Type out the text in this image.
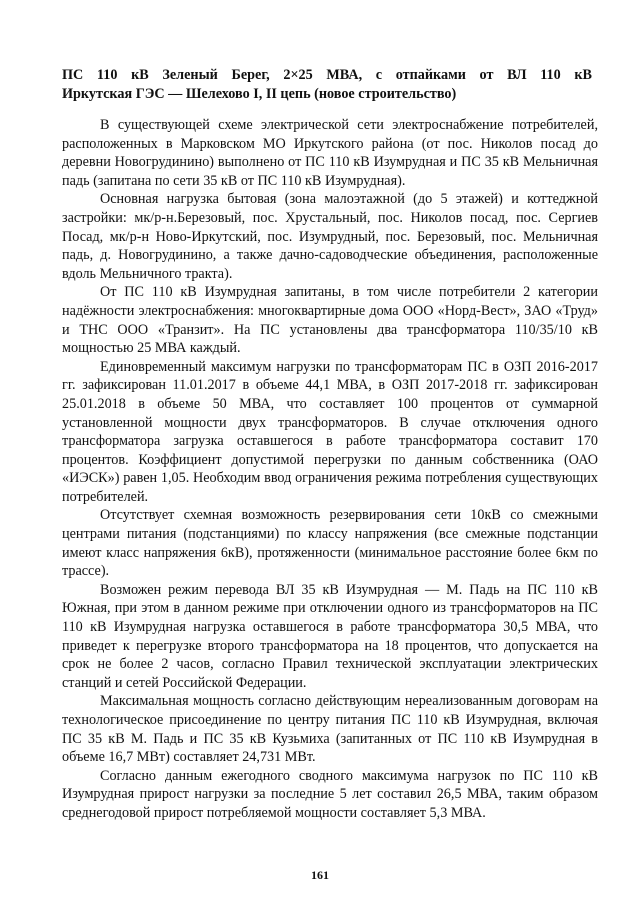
ПС 110 кВ Зеленый Берег, 2×25 МВА, с отпайками от ВЛ 110 кВ
Иркутская ГЭС — Шелехово I, II цепь (новое строительство)

В существующей схеме электрической сети электроснабжение потребителей, расположенных в Марковском МО Иркутского района (от пос. Николов посад до деревни Новогрудинино) выполнено от ПС 110 кВ Изумрудная и ПС 35 кВ Мельничная падь (запитана по сети 35 кВ от ПС 110 кВ Изумрудная).

Основная нагрузка бытовая (зона малоэтажной (до 5 этажей) и коттеджной застройки: мк/р-н.Березовый, пос. Хрустальный, пос. Николов посад, пос. Сергиев Посад, мк/р-н Ново-Иркутский, пос. Изумрудный, пос. Березовый, пос. Мельничная падь, д. Новогрудинино, а также дачно-садоводческие объединения, расположенные вдоль Мельничного тракта).

От ПС 110 кВ Изумрудная запитаны, в том числе потребители 2 категории надёжности электроснабжения: многоквартирные дома ООО «Норд-Вест», ЗАО «Труд» и ТНС ООО «Транзит». На ПС установлены два трансформатора 110/35/10 кВ мощностью 25 МВА каждый.

Единовременный максимум нагрузки по трансформаторам ПС в ОЗП 2016-2017 гг. зафиксирован 11.01.2017 в объеме 44,1 МВА, в ОЗП 2017-2018 гг. зафиксирован 25.01.2018 в объеме 50 МВА, что составляет 100 процентов от суммарной установленной мощности двух трансформаторов. В случае отключения одного трансформатора загрузка оставшегося в работе трансформатора составит 170 процентов. Коэффициент допустимой перегрузки по данным собственника (ОАО «ИЭСК») равен 1,05. Необходим ввод ограничения режима потребления существующих потребителей.

Отсутствует схемная возможность резервирования сети 10кВ со смежными центрами питания (подстанциями) по классу напряжения (все смежные подстанции имеют класс напряжения 6кВ), протяженности (минимальное расстояние более 6км по трассе).

Возможен режим перевода ВЛ 35 кВ Изумрудная — М. Падь на ПС 110 кВ Южная, при этом в данном режиме при отключении одного из трансформаторов на ПС 110 кВ Изумрудная нагрузка оставшегося в работе трансформатора 30,5 МВА, что приведет к перегрузке второго трансформатора на 18 процентов, что допускается на срок не более 2 часов, согласно Правил технической эксплуатации электрических станций и сетей Российской Федерации.

Максимальная мощность согласно действующим нереализованным договорам на технологическое присоединение по центру питания ПС 110 кВ Изумрудная, включая ПС 35 кВ М. Падь и ПС 35 кВ Кузьмиха (запитанных от ПС 110 кВ Изумрудная в объеме 16,7 МВт) составляет 24,731 МВт.

Согласно данным ежегодного сводного максимума нагрузок по ПС 110 кВ Изумрудная прирост нагрузки за последние 5 лет составил 26,5 МВА, таким образом среднегодовой прирост потребляемой мощности составляет 5,3 МВА.

161
